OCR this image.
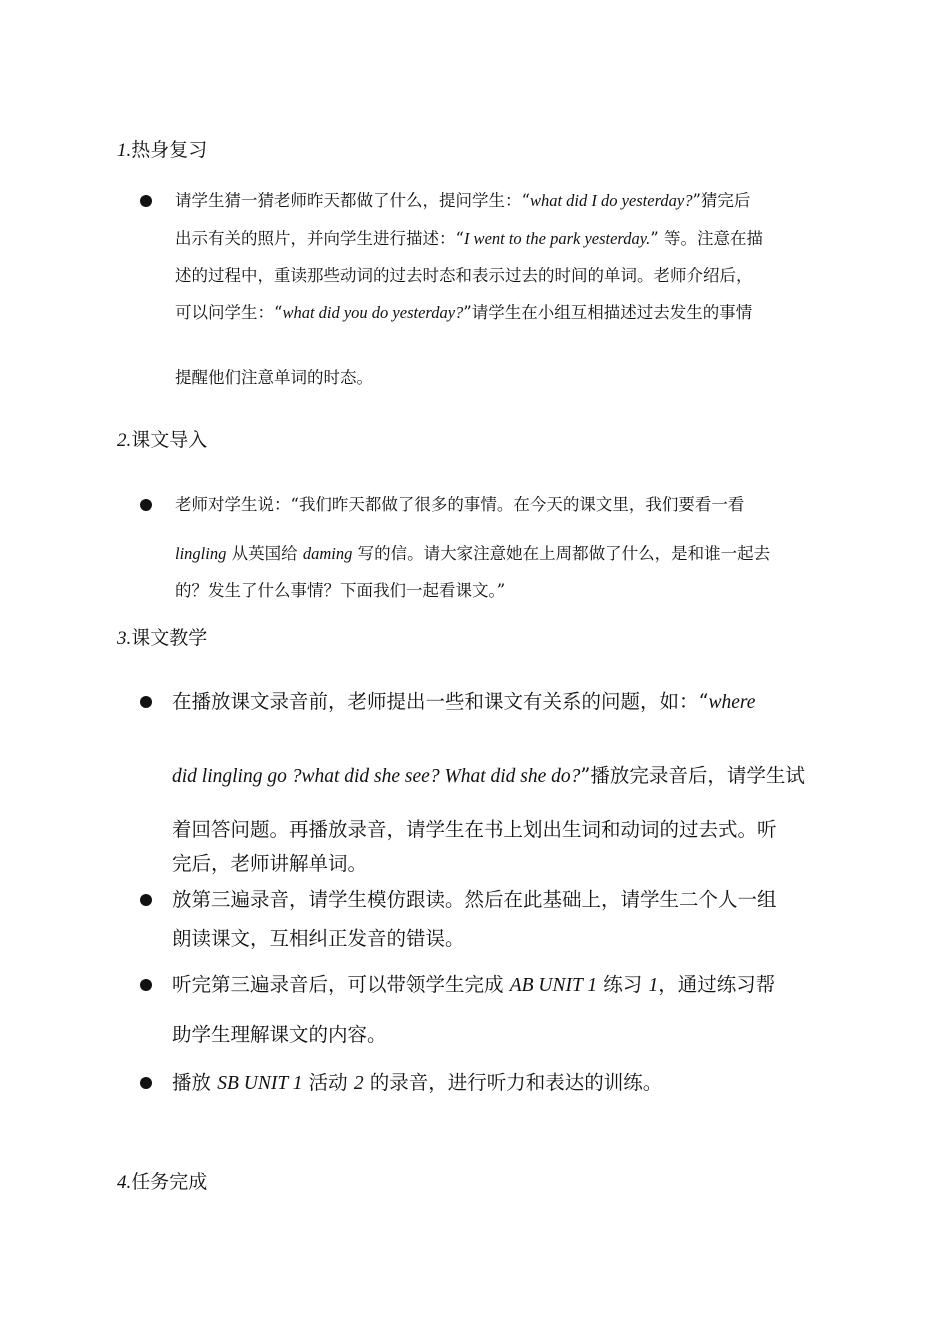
1.热身复习
请学生猜一猜老师昨天都做了什么，提问学生：“what did I do yesterday?”猜完后
出示有关的照片，并向学生进行描述：“I went to the park yesterday.” 等。注意在描
述的过程中，重读那些动词的过去时态和表示过去的时间的单词。老师介绍后，
可以问学生：“what did you do yesterday?”请学生在小组互相描述过去发生的事情
提醒他们注意单词的时态。
2.课文导入
老师对学生说：“我们昨天都做了很多的事情。在今天的课文里，我们要看一看
lingling 从英国给 daming 写的信。请大家注意她在上周都做了什么，是和谁一起去
的？发生了什么事情？下面我们一起看课文。”
3.课文教学
在播放课文录音前，老师提出一些和课文有关系的问题，如：“where
did lingling go ?what did she see? What did she do?”播放完录音后，请学生试
着回答问题。再播放录音，请学生在书上划出生词和动词的过去式。听
完后，老师讲解单词。
放第三遍录音，请学生模仿跟读。然后在此基础上，请学生二个人一组
朗读课文，互相纠正发音的错误。
听完第三遍录音后，可以带领学生完成 AB UNIT 1 练习 1，通过练习帮
助学生理解课文的内容。
播放 SB UNIT 1 活动 2 的录音，进行听力和表达的训练。
4.任务完成
